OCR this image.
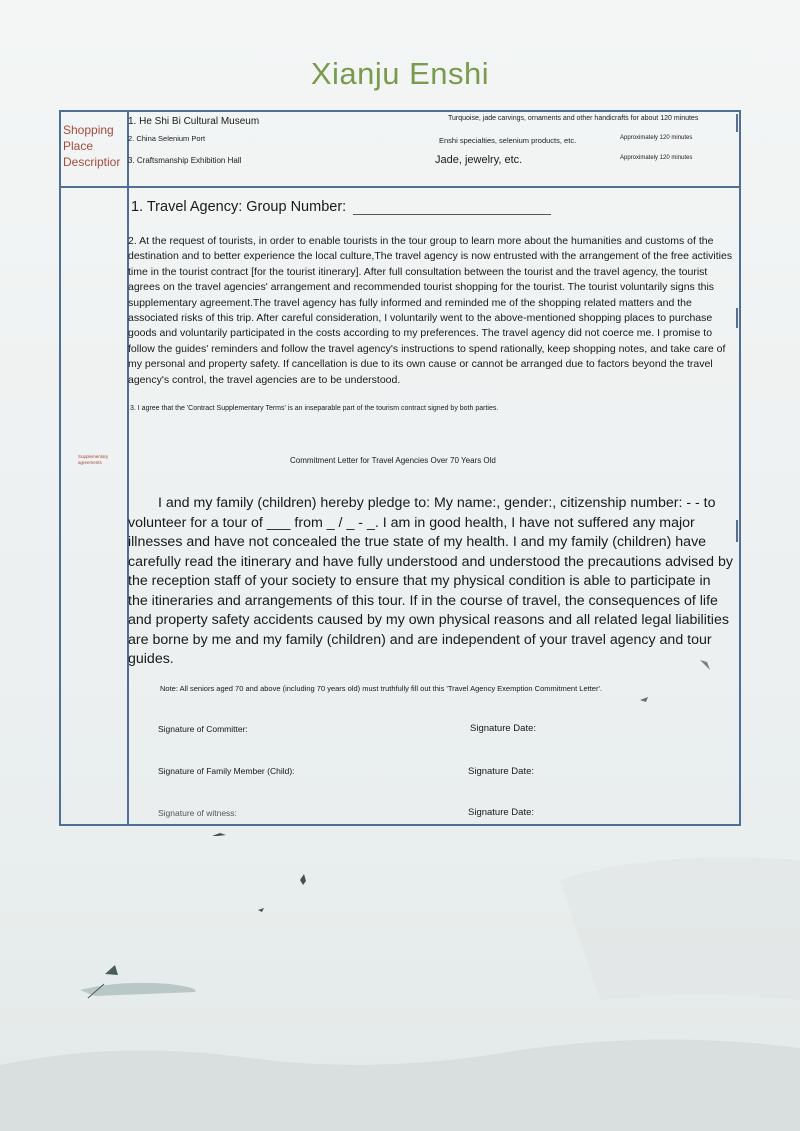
Xianju Enshi
Shopping
Place
Descriptior
1. He Shi Bi Cultural Museum	Turquoise, jade carvings, ornaments and other handicrafts for about 120 minutes
2. China Selenium Port	Enshi specialties, selenium products, etc.	Approximately 120 minutes
3. Craftsmanship Exhibition Hall	Jade, jewelry, etc.	Approximately 120 minutes
Supplementary
agreements
1. Travel Agency: Group Number:
2. At the request of tourists, in order to enable tourists in the tour group to learn more about the humanities and customs of the destination and to better experience the local culture,The travel agency is now entrusted with the arrangement of the free activities time in the tourist contract [for the tourist itinerary]. After full consultation between the tourist and the travel agency, the tourist agrees on the travel agencies' arrangement and recommended tourist shopping for the tourist. The tourist voluntarily signs this supplementary agreement.The travel agency has fully informed and reminded me of the shopping related matters and the associated risks of this trip. After careful consideration, I voluntarily went to the above-mentioned shopping places to purchase goods and voluntarily participated in the costs according to my preferences. The travel agency did not coerce me. I promise to follow the guides' reminders and follow the travel agency's instructions to spend rationally, keep shopping notes, and take care of my personal and property safety. If cancellation is due to its own cause or cannot be arranged due to factors beyond the travel agency's control, the travel agencies are to be understood.
3. I agree that the 'Contract Supplementary Terms' is an inseparable part of the tourism contract signed by both parties.
Commitment Letter for Travel Agencies Over 70 Years Old
I and my family (children) hereby pledge to: My name:, gender:, citizenship number: - - to volunteer for a tour of ___ from _ / _ - _. I am in good health, I have not suffered any major illnesses and have not concealed the true state of my health. I and my family (children) have carefully read the itinerary and have fully understood and understood the precautions advised by the reception staff of your society to ensure that my physical condition is able to participate in the itineraries and arrangements of this tour. If in the course of travel, the consequences of life and property safety accidents caused by my own physical reasons and all related legal liabilities are borne by me and my family (children) and are independent of your travel agency and tour guides.
Note: All seniors aged 70 and above (including 70 years old) must truthfully fill out this 'Travel Agency Exemption Commitment Letter'.
Signature of Committer:	Signature Date:
Signature of Family Member (Child):	Signature Date:
Signature of witness:	Signature Date:
